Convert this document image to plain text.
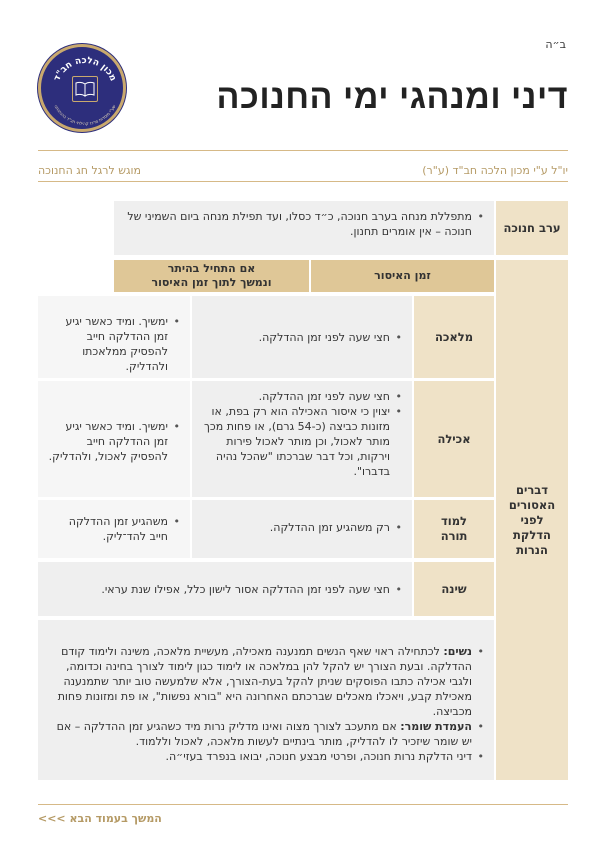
ב״ה
דיני ומנהגי ימי החנוכה
מכון הלכה חב"ד
שע"י מוסדות מרכז קהילתי חב"ד בהנהגתנו
יו"ל ע"י מכון הלכה חב"ד (ע"ר)
מוגש לרגל חג החנוכה
ערב חנוכה
• מתפללת מנחה בערב חנוכה, כ״ד כסלו, ועד תפילת מנחה ביום השמיני של חנוכה – אין אומרים תחנון.
דברים האסורים לפני הדלקת הנרות
זמן האיסור
אם התחיל בהיתר
ונמשך לתוך זמן האיסור
מלאכה
• חצי שעה לפני זמן ההדלקה.
• ימשיך. ומיד כאשר יגיע זמן ההדלקה חייב להפסיק ממלאכתו ולהדליק.
אכילה
• חצי שעה לפני זמן ההדלקה.
• יצוין כי איסור האכילה הוא רק בפת, או מזונות כביצה (כ-54 גרם), או פחות מכך מותר לאכול, וכן מותר לאכול פירות וירקות, וכל דבר שברכתו "שהכל נהיה בדברו".
• ימשיך. ומיד כאשר יגיע זמן ההדלקה חייב להפסיק לאכול, ולהדליק.
למוד
תורה
• רק משהגיע זמן ההדלקה.
• משהגיע זמן ההדלקה חייב להד־ליק.
שינה
• חצי שעה לפני זמן ההדלקה אסור לישון כלל, אפילו שנת עראי.
• נשים: לכתחילה ראוי שאף הנשים תמנענה מאכילה, מעשיית מלאכה, משינה ולימוד קודם ההדלקה. ובעת הצורך יש להקל להן במלאכה או לימוד כגון לימוד לצורך בחינה וכדומה, ולגבי אכילה כתבו הפוסקים שניתן להקל בעת-הצורך, אלא שלמעשה טוב יותר שתמנענה מאכילת קבע, ויאכלו מאכלים שברכתם האחרונה היא "בורא נפשות", או פת ומזונות פחות מכביצה.
• העמדת שומר: אם מתעכב לצורך מצוה ואינו מדליק נרות מיד כשהגיע זמן ההדלקה – אם יש שומר שיזכיר לו להדליק, מותר בינתיים לעשות מלאכה, לאכול וללמוד.
• דיני הדלקת נרות חנוכה, ופרטי מבצע חנוכה, יבואו בנפרד בעזי״ה.
המשך בעמוד הבא >>>
